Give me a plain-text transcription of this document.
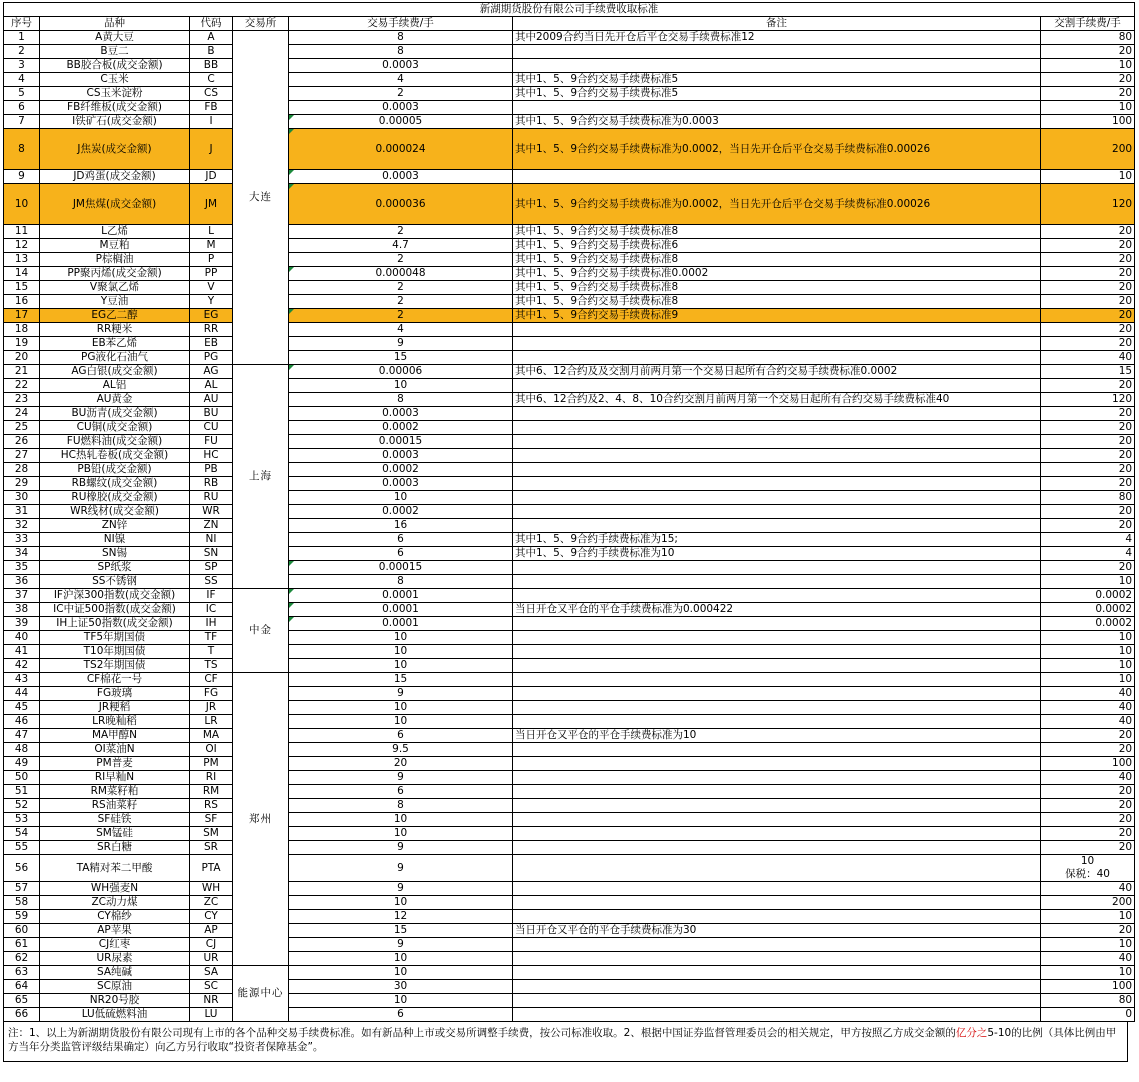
新湖期货股份有限公司手续费收取标准						
序号	品种	代码	交易所	交易手续费/手	备注	交割手续费/手
1	A黄大豆	A	大连	8	其中2009合约当日先开仓后平仓交易手续费标准12	80

2	B豆二	B		8		20

3	BB胶合板(成交金额)	BB		0.0003		10

4	C玉米	C		4	其中1、5、9合约交易手续费标准5	20

5	CS玉米淀粉	CS		2	其中1、5、9合约交易手续费标准5	20

6	FB纤维板(成交金额)	FB		0.0003		10

7	I铁矿石(成交金额)	I		0.00005	其中1、5、9合约交易手续费标准为0.0003	100

8	J焦炭(成交金额)	J		0.000024	其中1、5、9合约交易手续费标准为0.0002，当日先开仓后平仓交易手续费标准0.00026	200

9	JD鸡蛋(成交金额)	JD		0.0003		10

10	JM焦煤(成交金额)	JM		0.000036	其中1、5、9合约交易手续费标准为0.0002，当日先开仓后平仓交易手续费标准0.00026	120

11	L乙烯	L		2	其中1、5、9合约交易手续费标准8	20

12	M豆粕	M		4.7	其中1、5、9合约交易手续费标准6	20

13	P棕榈油	P		2	其中1、5、9合约交易手续费标准8	20

14	PP聚丙烯(成交金额)	PP		0.000048	其中1、5、9合约交易手续费标准0.0002	20

15	V聚氯乙烯	V		2	其中1、5、9合约交易手续费标准8	20

16	Y豆油	Y		2	其中1、5、9合约交易手续费标准8	20

17	EG乙二醇	EG		2	其中1、5、9合约交易手续费标准9	20

18	RR粳米	RR		4		20

19	EB苯乙烯	EB		9		20

20	PG液化石油气	PG		15		40

21	AG白银(成交金额)	AG	上海	0.00006	其中6、12合约及及交割月前两月第一个交易日起所有合约交易手续费标准0.0002	15

22	AL铝	AL		10		20

23	AU黄金	AU		8	其中6、12合约及2、4、8、10合约交割月前两月第一个交易日起所有合约交易手续费标准40	120

24	BU沥青(成交金额)	BU		0.0003		20

25	CU铜(成交金额)	CU		0.0002		20

26	FU燃料油(成交金额)	FU		0.00015		20

27	HC热轧卷板(成交金额)	HC		0.0003		20

28	PB铅(成交金额)	PB		0.0002		20

29	RB螺纹(成交金额)	RB		0.0003		20

30	RU橡胶(成交金额)	RU		10		80

31	WR线材(成交金额)	WR		0.0002		20

32	ZN锌	ZN		16		20

33	NI镍	NI		6	其中1、5、9合约手续费标准为15;	4

34	SN锡	SN		6	其中1、5、9合约手续费标准为10	4

35	SP纸浆	SP		0.00015		20

36	SS不锈钢	SS		8		10

37	IF沪深300指数(成交金额)	IF	中金	0.0001		0.0002

38	IC中证500指数(成交金额)	IC		0.0001	当日开仓又平仓的平仓手续费标准为0.000422	0.0002

39	IH上证50指数(成交金额)	IH		0.0001		0.0002

40	TF5年期国债	TF		10		10

41	T10年期国债	T		10		10

42	TS2年期国债	TS		10		10

43	CF棉花一号	CF	郑州	15		10

44	FG玻璃	FG		9		40

45	JR粳稻	JR		10		40

46	LR晚籼稻	LR		10		40

47	MA甲醇N	MA		6	当日开仓又平仓的平仓手续费标准为10	20

48	OI菜油N	OI		9.5		20

49	PM普麦	PM		20		100

50	RI早籼N	RI		9		40

51	RM菜籽粕	RM		6		20

52	RS油菜籽	RS		8		20

53	SF硅铁	SF		10		20

54	SM锰硅	SM		10		20

55	SR白糖	SR		9		20

56	TA精对苯二甲酸	PTA		9		10
保税：40

57	WH强麦N	WH		9		40

58	ZC动力煤	ZC		10		200

59	CY棉纱	CY		12		10

60	AP苹果	AP		15	当日开仓又平仓的平仓手续费标准为30	20

61	CJ红枣	CJ		9		10

62	UR尿素	UR		10		40

63	SA纯碱	SA	能源中心	10		10

64	SC原油	SC		30		100

65	NR20号胶	NR		10		80

66	LU低硫燃料油	LU		6		0
注：1、以上为新湖期货股份有限公司现有上市的各个品种交易手续费标准。如有新品种上市或交易所调整手续费，按公司标准收取。2、根据中国证券监督管理委员会的相关规定，甲方按照乙方成交金额的亿分之5-10的比例（具体比例由甲方当年分类监管评级结果确定）向乙方另行收取“投资者保障基金”。
